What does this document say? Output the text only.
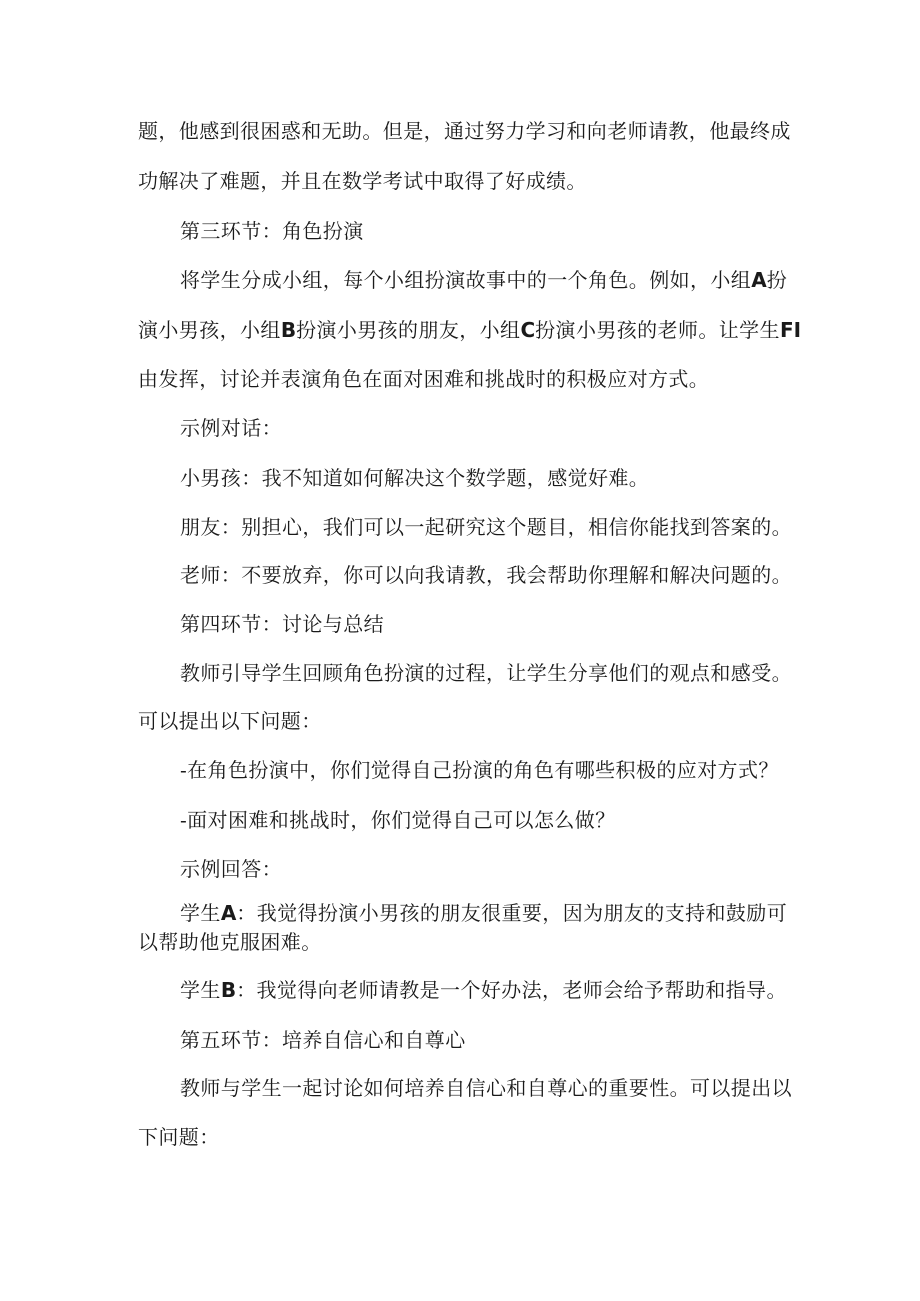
题，他感到很困惑和无助。但是，通过努力学习和向老师请教，他最终成
功解决了难题，并且在数学考试中取得了好成绩。
第三环节：角色扮演
将学生分成小组，每个小组扮演故事中的一个角色。例如，小组A扮
演小男孩，小组B扮演小男孩的朋友，小组C扮演小男孩的老师。让学生FI
由发挥，讨论并表演角色在面对困难和挑战时的积极应对方式。
示例对话：
小男孩：我不知道如何解决这个数学题，感觉好难。
朋友：别担心，我们可以一起研究这个题目，相信你能找到答案的。
老师：不要放弃，你可以向我请教，我会帮助你理解和解决问题的。
第四环节：讨论与总结
教师引导学生回顾角色扮演的过程，让学生分享他们的观点和感受。
可以提出以下问题：
-在角色扮演中，你们觉得自己扮演的角色有哪些积极的应对方式？
-面对困难和挑战时，你们觉得自己可以怎么做？
示例回答：
学生A：我觉得扮演小男孩的朋友很重要，因为朋友的支持和鼓励可
以帮助他克服困难。
学生B：我觉得向老师请教是一个好办法，老师会给予帮助和指导。
第五环节：培养自信心和自尊心
教师与学生一起讨论如何培养自信心和自尊心的重要性。可以提出以
下问题：
